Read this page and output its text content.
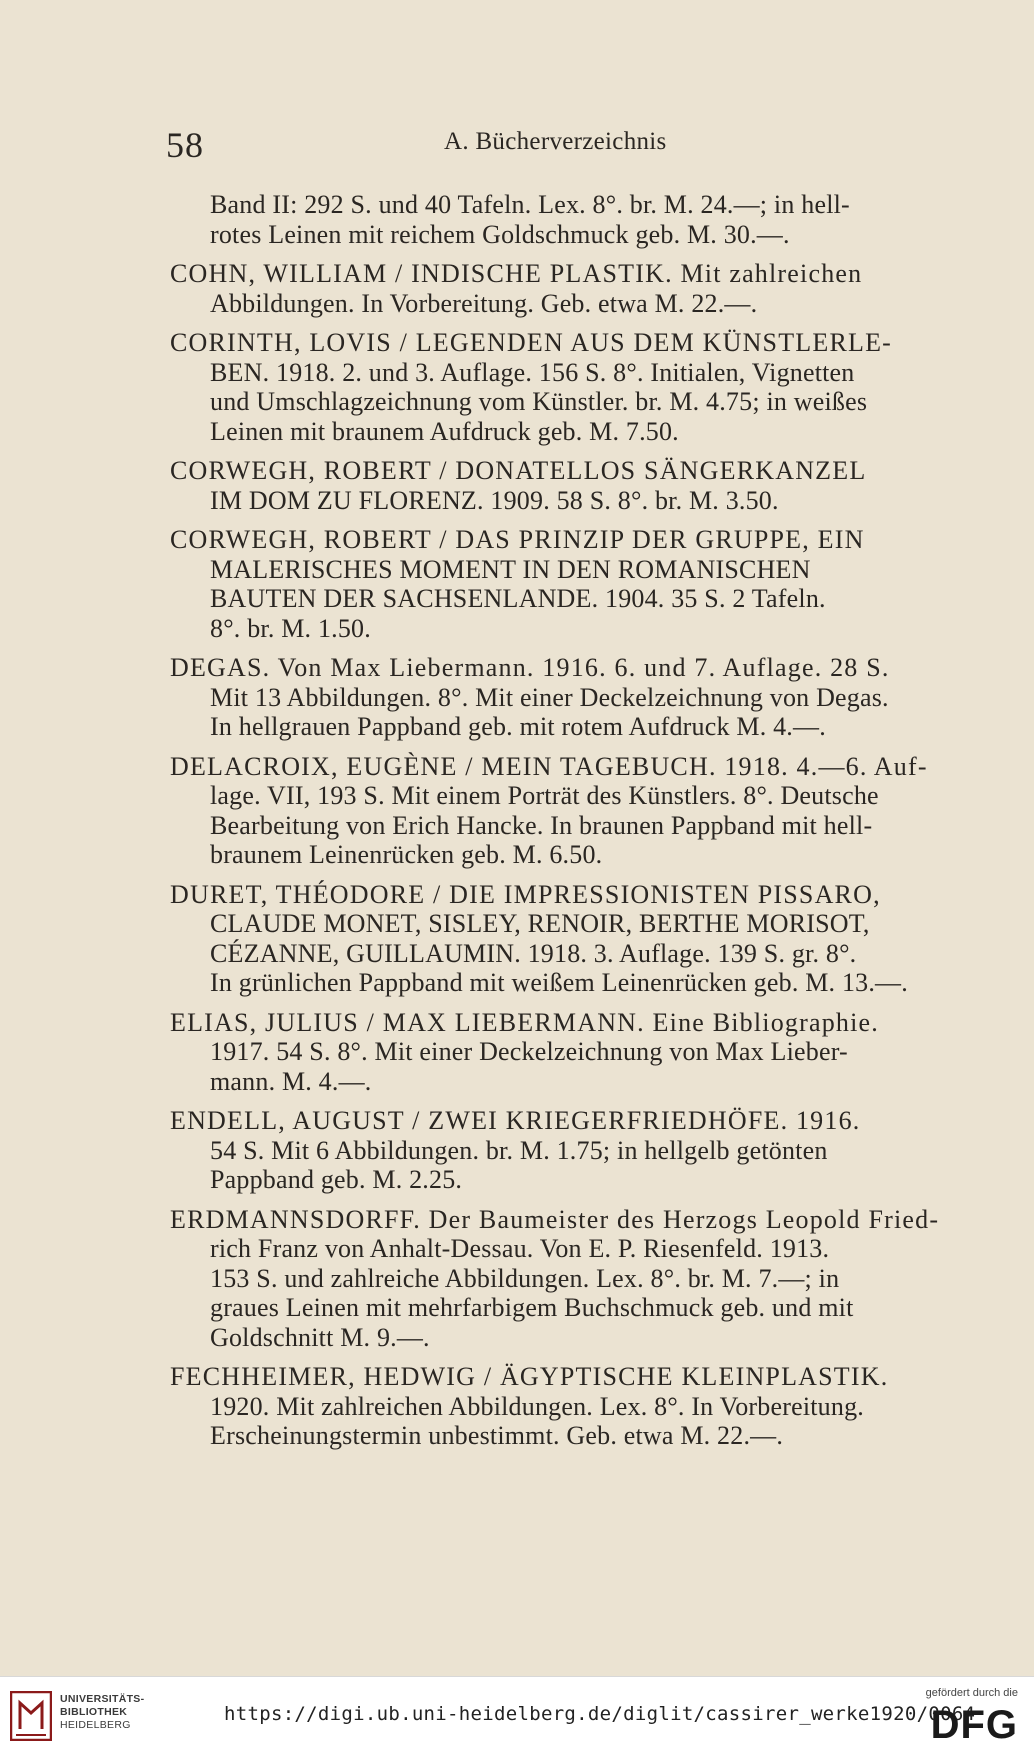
58	A. Bücherverzeichnis
Band II: 292 S. und 40 Tafeln. Lex. 8°. br. M. 24.—; in hell-
rotes Leinen mit reichem Goldschmuck geb. M. 30.—.
COHN, WILLIAM / INDISCHE PLASTIK. Mit zahlreichen
Abbildungen. In Vorbereitung. Geb. etwa M. 22.—.
CORINTH, LOVIS / LEGENDEN AUS DEM KÜNSTLERLE-
BEN. 1918. 2. und 3. Auflage. 156 S. 8°. Initialen, Vignetten
und Umschlagzeichnung vom Künstler. br. M. 4.75; in weißes
Leinen mit braunem Aufdruck geb. M. 7.50.
CORWEGH, ROBERT / DONATELLOS SÄNGERKANZEL
IM DOM ZU FLORENZ. 1909. 58 S. 8°. br. M. 3.50.
CORWEGH, ROBERT / DAS PRINZIP DER GRUPPE, EIN
MALERISCHES MOMENT IN DEN ROMANISCHEN
BAUTEN DER SACHSENLANDE. 1904. 35 S. 2 Tafeln.
8°. br. M. 1.50.
DEGAS. Von Max Liebermann. 1916. 6. und 7. Auflage. 28 S.
Mit 13 Abbildungen. 8°. Mit einer Deckelzeichnung von Degas.
In hellgrauen Pappband geb. mit rotem Aufdruck M. 4.—.
DELACROIX, EUGÈNE / MEIN TAGEBUCH. 1918. 4.—6. Auf-
lage. VII, 193 S. Mit einem Porträt des Künstlers. 8°. Deutsche
Bearbeitung von Erich Hancke. In braunen Pappband mit hell-
braunem Leinenrücken geb. M. 6.50.
DURET, THÉODORE / DIE IMPRESSIONISTEN PISSARO,
CLAUDE MONET, SISLEY, RENOIR, BERTHE MORISOT,
CÉZANNE, GUILLAUMIN. 1918. 3. Auflage. 139 S. gr. 8°.
In grünlichen Pappband mit weißem Leinenrücken geb. M. 13.—.
ELIAS, JULIUS / MAX LIEBERMANN. Eine Bibliographie.
1917. 54 S. 8°. Mit einer Deckelzeichnung von Max Lieber-
mann. M. 4.—.
ENDELL, AUGUST / ZWEI KRIEGERFRIEDHÖFE. 1916.
54 S. Mit 6 Abbildungen. br. M. 1.75; in hellgelb getönten
Pappband geb. M. 2.25.
ERDMANNSDORFF. Der Baumeister des Herzogs Leopold Fried-
rich Franz von Anhalt-Dessau. Von E. P. Riesenfeld. 1913.
153 S. und zahlreiche Abbildungen. Lex. 8°. br. M. 7.—; in
graues Leinen mit mehrfarbigem Buchschmuck geb. und mit
Goldschnitt M. 9.—.
FECHHEIMER, HEDWIG / ÄGYPTISCHE KLEINPLASTIK.
1920. Mit zahlreichen Abbildungen. Lex. 8°. In Vorbereitung.
Erscheinungstermin unbestimmt. Geb. etwa M. 22.—.
UNIVERSITÄTS-
BIBLIOTHEK
HEIDELBERG	https://digi.ub.uni-heidelberg.de/diglit/cassirer_werke1920/0064
gefördert durch die
DFG
